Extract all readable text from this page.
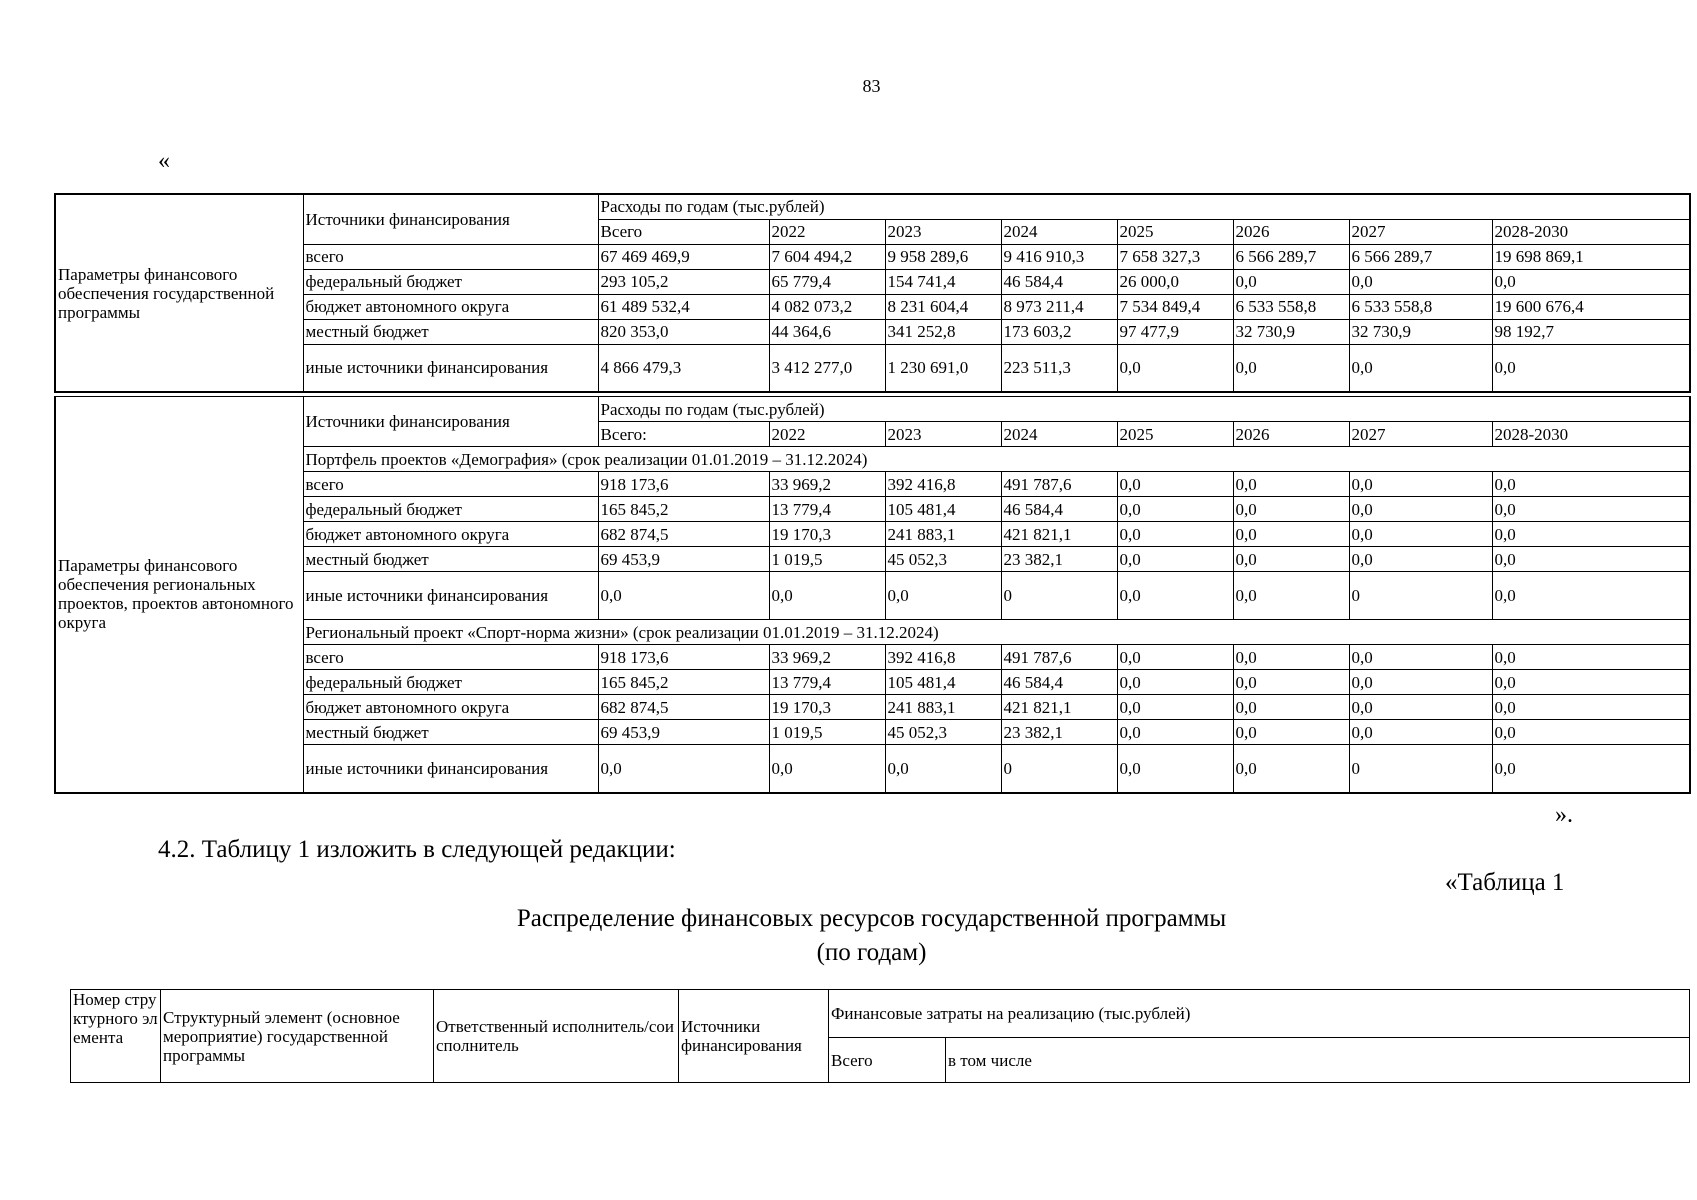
83
«
Параметры финансового обеспечения государственной программы	Источники финансирования	Расходы по годам (тыс.рублей)							
		Всего	2022	2023	2024	2025	2026	2027	2028-2030
	всего	67 469 469,9	7 604 494,2	9 958 289,6	9 416 910,3	7 658 327,3	6 566 289,7	6 566 289,7	19 698 869,1
	федеральный бюджет	293 105,2	65 779,4	154 741,4	46 584,4	26 000,0	0,0	0,0	0,0
	бюджет автономного округа	61 489 532,4	4 082 073,2	8 231 604,4	8 973 211,4	7 534 849,4	6 533 558,8	6 533 558,8	19 600 676,4
	местный бюджет	820 353,0	44 364,6	341 252,8	173 603,2	97 477,9	32 730,9	32 730,9	98 192,7
	иные источники финансирования	4 866 479,3	3 412 277,0	1 230 691,0	223 511,3	0,0	0,0	0,0	0,0
Параметры финансового обеспечения региональных проектов, проектов автономного округа	Источники финансирования	Расходы по годам (тыс.рублей)							
		Всего:	2022	2023	2024	2025	2026	2027	2028-2030
	Портфель проектов «Демография» (срок реализации 01.01.2019 – 31.12.2024)								
	всего	918 173,6	33 969,2	392 416,8	491 787,6	0,0	0,0	0,0	0,0
	федеральный бюджет	165 845,2	13 779,4	105 481,4	46 584,4	0,0	0,0	0,0	0,0
	бюджет автономного округа	682 874,5	19 170,3	241 883,1	421 821,1	0,0	0,0	0,0	0,0
	местный бюджет	69 453,9	1 019,5	45 052,3	23 382,1	0,0	0,0	0,0	0,0
	иные источники финансирования	0,0	0,0	0,0	0	0,0	0,0	0	0,0
	Региональный проект «Спорт-норма жизни» (срок реализации 01.01.2019 – 31.12.2024)								
	всего	918 173,6	33 969,2	392 416,8	491 787,6	0,0	0,0	0,0	0,0
	федеральный бюджет	165 845,2	13 779,4	105 481,4	46 584,4	0,0	0,0	0,0	0,0
	бюджет автономного округа	682 874,5	19 170,3	241 883,1	421 821,1	0,0	0,0	0,0	0,0
	местный бюджет	69 453,9	1 019,5	45 052,3	23 382,1	0,0	0,0	0,0	0,0
	иные источники финансирования	0,0	0,0	0,0	0	0,0	0,0	0	0,0
».
4.2. Таблицу 1 изложить в следующей редакции:
«Таблица 1
Распределение финансовых ресурсов государственной программы
(по годам)
Номер структурного элемента	Структурный элемент (основное мероприятие) государственной программы	Ответственный исполнитель/соисполнитель	Источники финансирования	Финансовые затраты на реализацию (тыс.рублей)	
				Всего	в том числе
